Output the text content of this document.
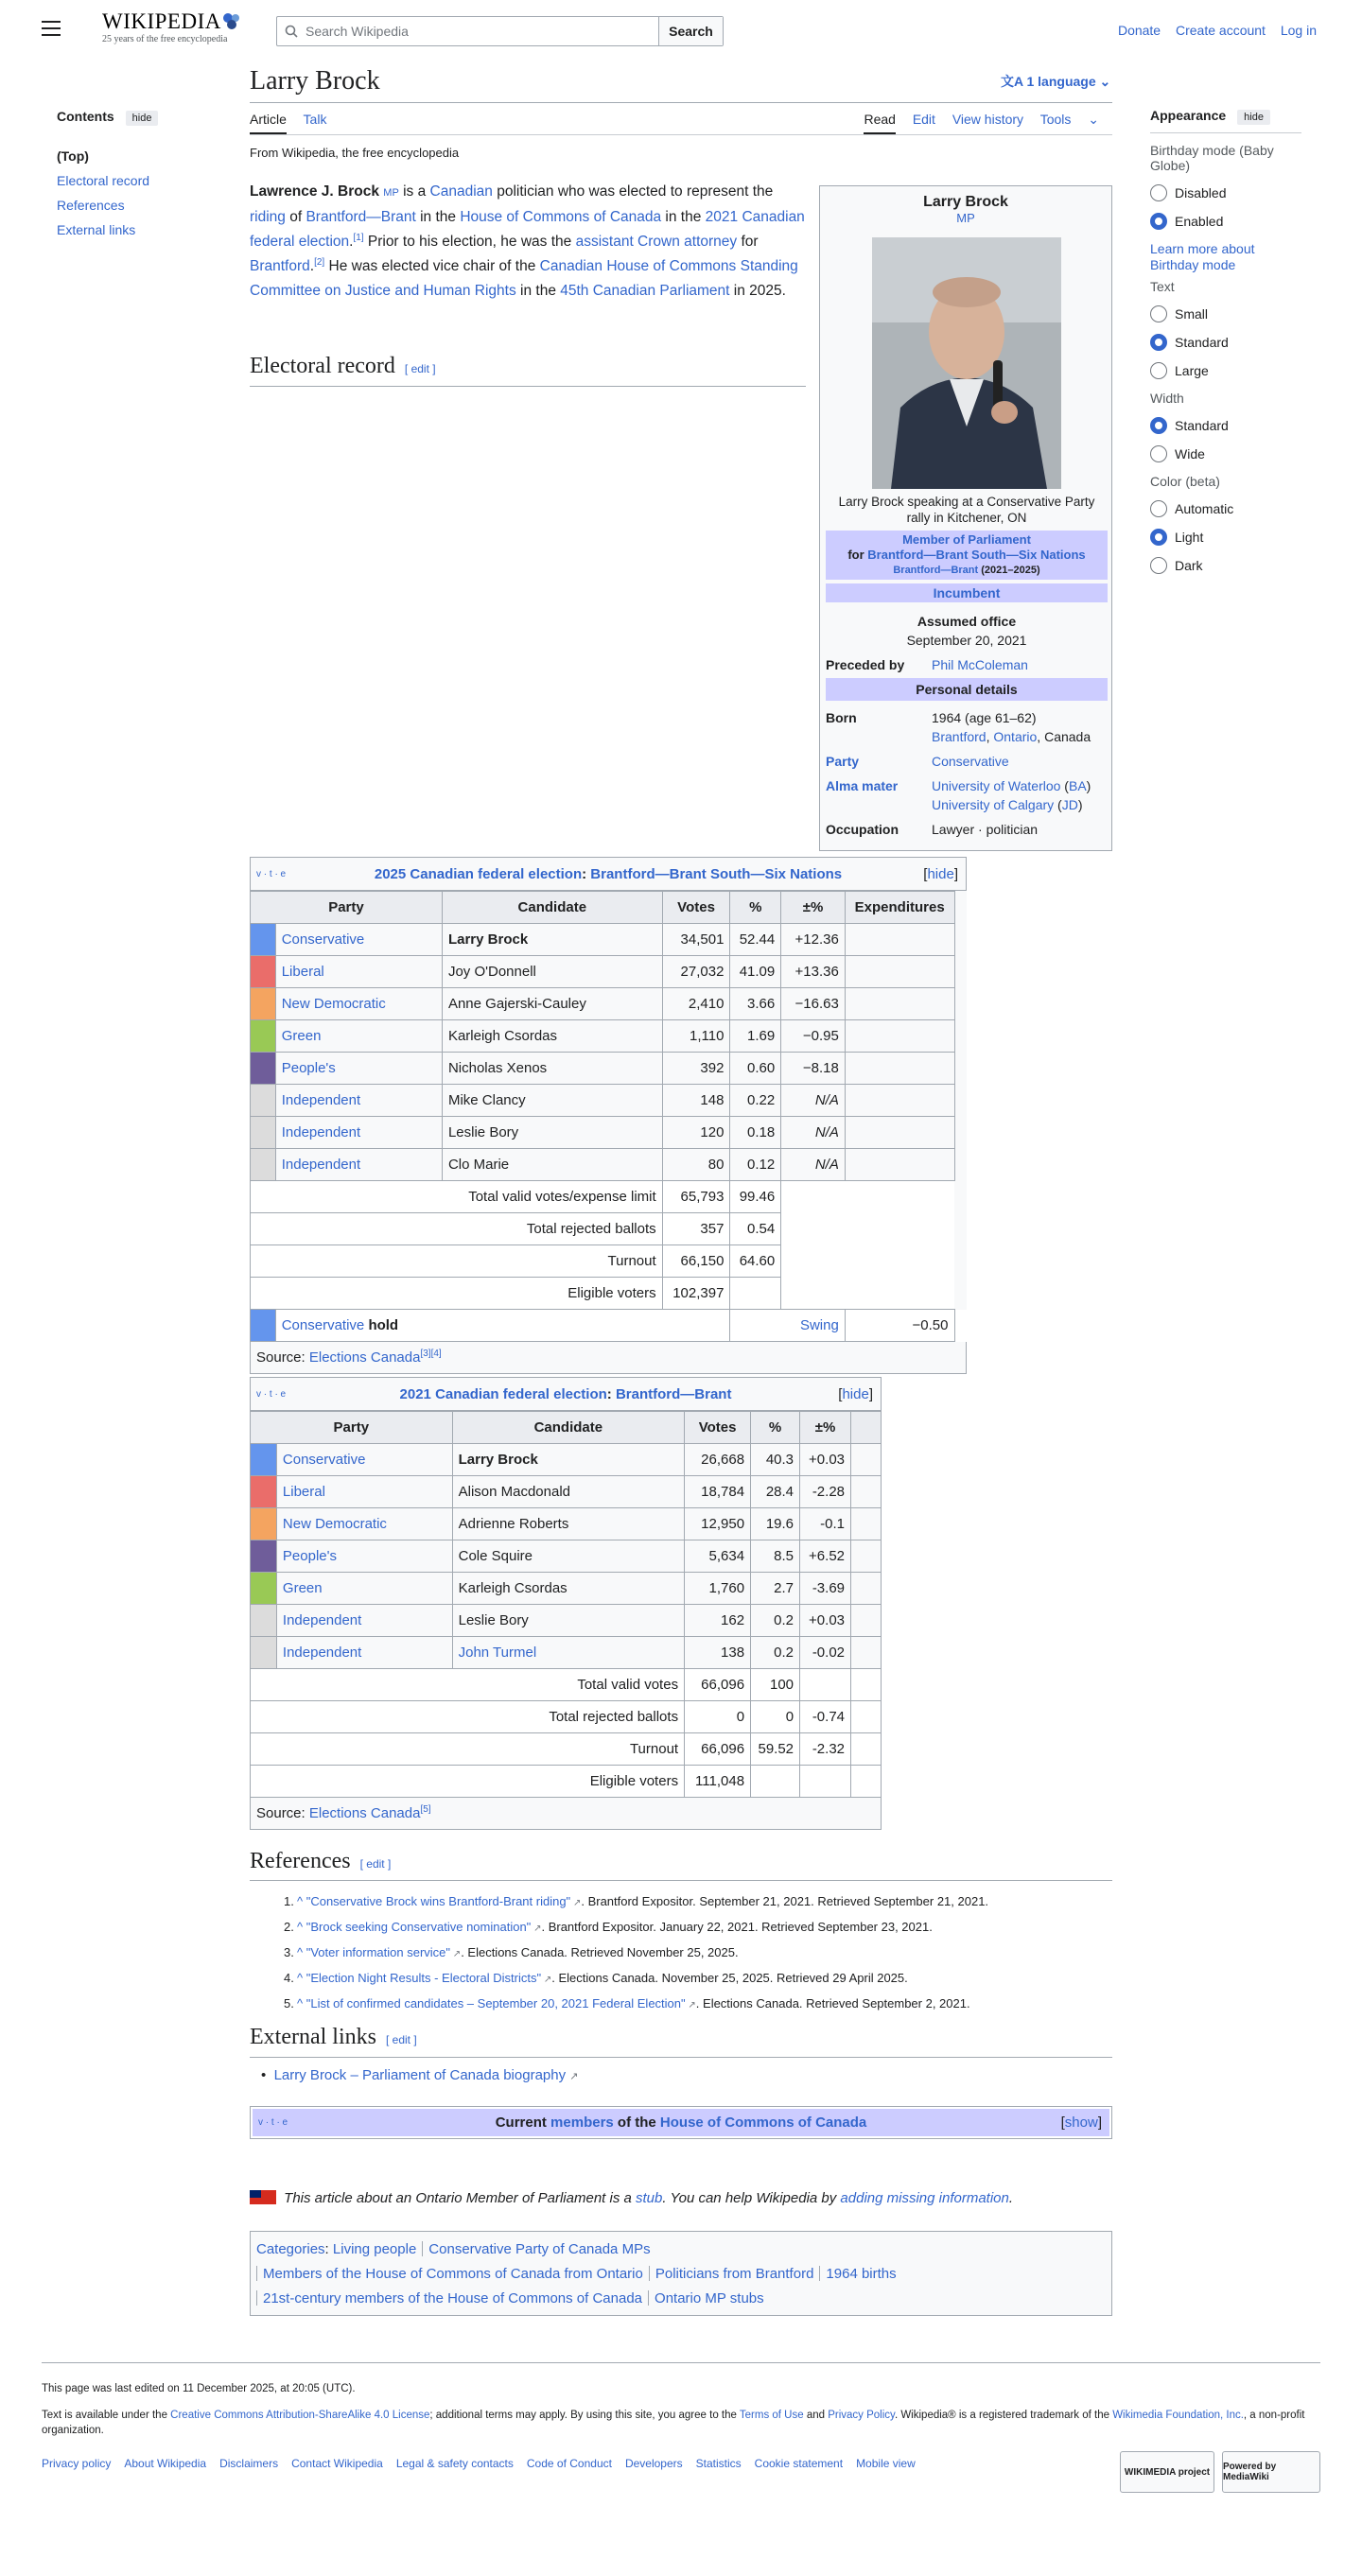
WIKIPEDIA
25 years of the free encyclopedia
Search Wikipedia	Search	Donate Create account Log in
Contents hide
(Top)
Electoral record
References
External links
Larry Brock	文A 1 language ⌄
Article Talk	Read Edit View history Tools ⌄
From Wikipedia, the free encyclopedia
Lawrence J. Brock MP is a Canadian politician who was elected to represent the riding of Brantford—Brant in the House of Commons of Canada in the 2021 Canadian federal election.[1] Prior to his election, he was the assistant Crown attorney for Brantford.[2] He was elected vice chair of the Canadian House of Commons Standing Committee on Justice and Human Rights in the 45th Canadian Parliament in 2025.
Electoral record [ edit ]
Larry Brock
MP
Larry Brock speaking at a Conservative Party rally in Kitchener, ON
Member of Parliament
for Brantford—Brant South—Six Nations
Brantford—Brant (2021–2025)
Incumbent
Assumed office
September 20, 2021
Preceded by Phil McColeman
Personal details
Born	1964 (age 61–62)
Brantford, Ontario, Canada
Party	Conservative
Alma mater	University of Waterloo (BA)
University of Calgary (JD)
Occupation Lawyer · politician
v · t · e	2025 Canadian federal election: Brantford—Brant South—Six Nations	[hide]
Party		Candidate	Votes	%	±%	Expenditures	
	Conservative	Larry Brock	34,501	52.44	+12.36		
	Liberal	Joy O'Donnell	27,032	41.09	+13.36		
	New Democratic	Anne Gajerski-Cauley	2,410	3.66	−16.63		
	Green	Karleigh Csordas	1,110	1.69	−0.95		
	People's	Nicholas Xenos	392	0.60	−8.18		
	Independent	Mike Clancy	148	0.22	N/A		
	Independent	Leslie Bory	120	0.18	N/A		
	Independent	Clo Marie	80	0.12	N/A		
Total valid votes/expense limit			65,793	99.46			
Total rejected ballots			357	0.54			
Turnout			66,150	64.60			
Eligible voters			102,397				
	Conservative hold			Swing		−0.50	
Source: Elections Canada[3][4]
v · t · e	2021 Canadian federal election: Brantford—Brant	[hide]
Party		Candidate	Votes	%	±%	
	Conservative	Larry Brock	26,668	40.3	+0.03	
	Liberal	Alison Macdonald	18,784	28.4	-2.28	
	New Democratic	Adrienne Roberts	12,950	19.6	-0.1	
	People's	Cole Squire	5,634	8.5	+6.52	
	Green	Karleigh Csordas	1,760	2.7	-3.69	
	Independent	Leslie Bory	162	0.2	+0.03	
	Independent	John Turmel	138	0.2	-0.02	
Total valid votes			66,096	100		
Total rejected ballots			0	0	-0.74	
Turnout			66,096	59.52	-2.32	
Eligible voters			111,048			
Source: Elections Canada[5]
References [ edit ]
1. ^ "Conservative Brock wins Brantford-Brant riding" ↗. Brantford Expositor. September 21, 2021. Retrieved September 21, 2021.
2. ^ "Brock seeking Conservative nomination" ↗. Brantford Expositor. January 22, 2021. Retrieved September 23, 2021.
3. ^ "Voter information service" ↗. Elections Canada. Retrieved November 25, 2025.
4. ^ "Election Night Results - Electoral Districts" ↗. Elections Canada. November 25, 2025. Retrieved 29 April 2025.
5. ^ "List of confirmed candidates – September 20, 2021 Federal Election" ↗. Elections Canada. Retrieved September 2, 2021.
External links [ edit ]
•  Larry Brock – Parliament of Canada biography ↗
v · t · e	Current members of the House of Commons of Canada	[show]
This article about an Ontario Member of Parliament is a stub. You can help Wikipedia by adding missing information.
Categories: Living people Conservative Party of Canada MPs
Members of the House of Commons of Canada from Ontario Politicians from Brantford 1964 births
21st-century members of the House of Commons of Canada Ontario MP stubs
Appearance hide
Birthday mode (Baby Globe)
Disabled
Enabled
Learn more about Birthday mode
Text
Small
Standard
Large
Width
Standard
Wide
Color (beta)
Automatic
Light
Dark
This page was last edited on 11 December 2025, at 20:05 (UTC).
Text is available under the Creative Commons Attribution-ShareAlike 4.0 License; additional terms may apply. By using this site, you agree to the Terms of Use and Privacy Policy. Wikipedia® is a registered trademark of the Wikimedia Foundation, Inc., a non-profit organization.
Privacy policy About Wikipedia Disclaimers Contact Wikipedia Legal & safety contacts Code of Conduct Developers Statistics Cookie statement Mobile view
WIKIMEDIA project	Powered by MediaWiki
